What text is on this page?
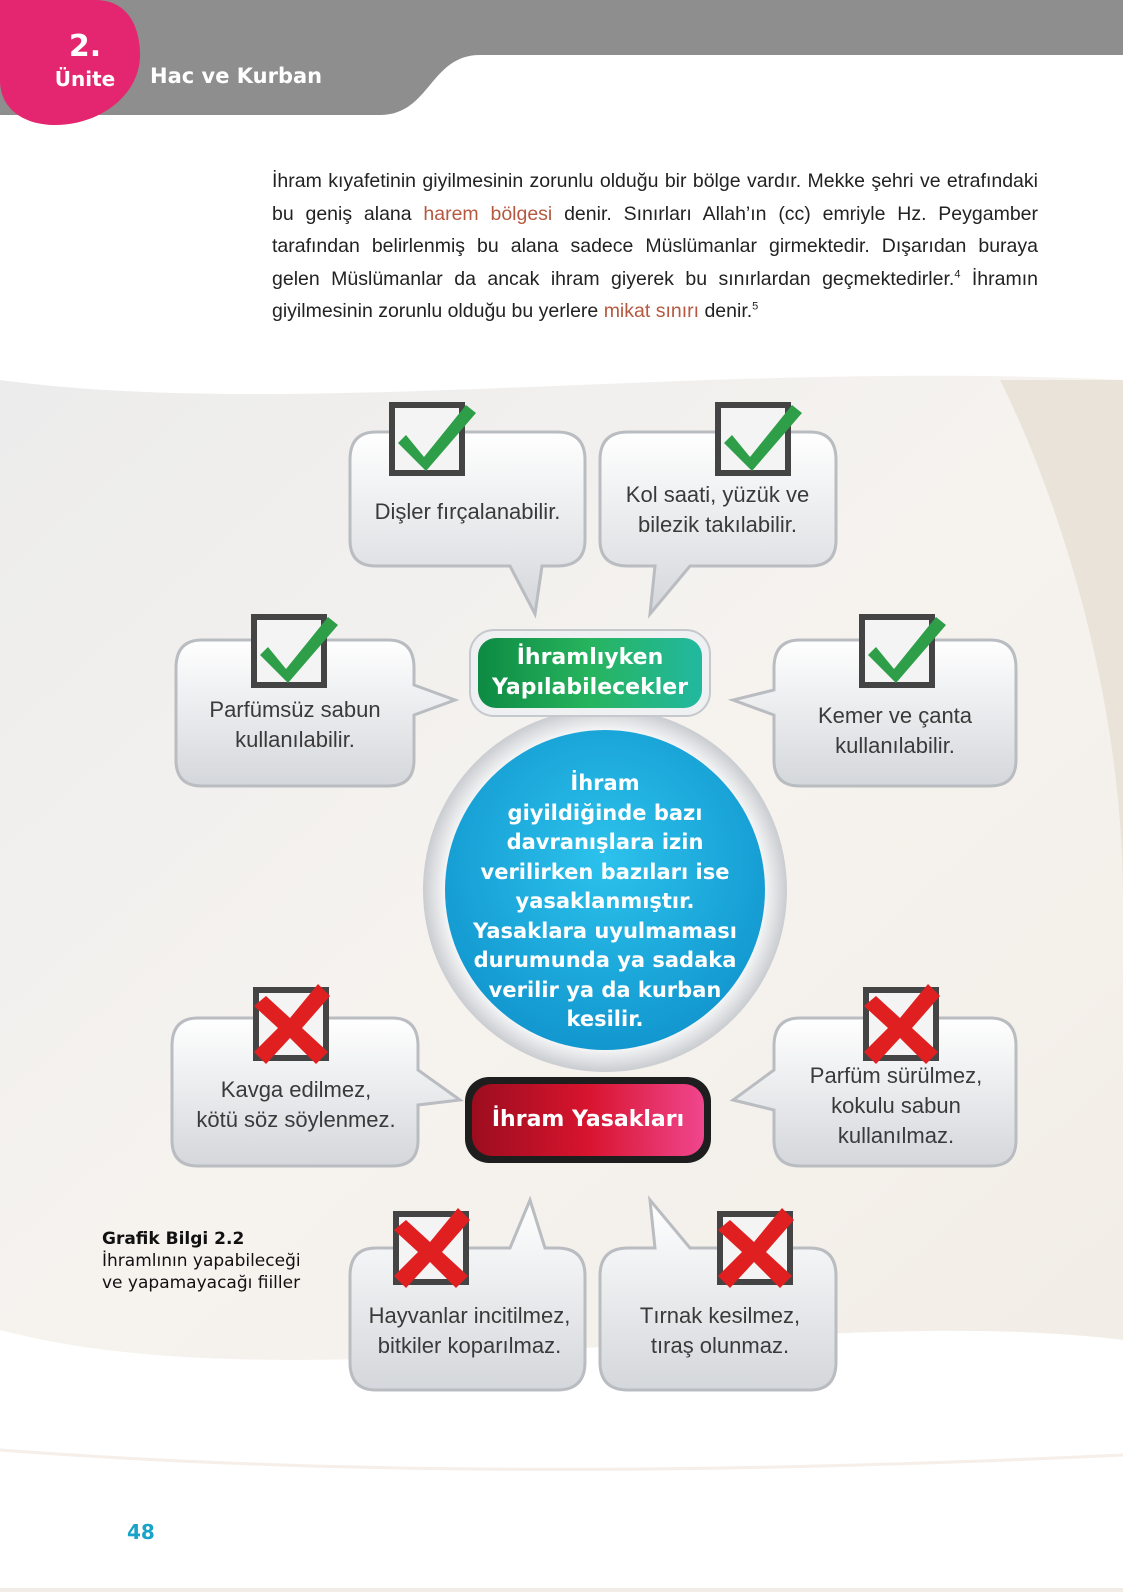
2.
Ünite	Hac ve Kurban
İhram kıyafetinin giyilmesinin zorunlu olduğu bir bölge vardır. Mekke şehri ve etrafındaki bu geniş alana harem bölgesi denir. Sınırları Allah’ın (cc) emriyle Hz. Peygamber tarafından belirlenmiş bu alana sadece Müslümanlar girmektedir. Dışarıdan buraya gelen Müslümanlar da ancak ihram giyerek bu sınırlardan geçmektedirler.$^4$ İhramın giyilmesinin zorunlu olduğu bu yerlere mikat sınırı denir.$^5$
Dişler fırçalanabilir.
Kol saati, yüzük ve
bilezik takılabilir.
Parfümsüz sabun
kullanılabilir.
Kemer ve çanta
kullanılabilir.
İhramlıyken
Yapılabilecekler
İhram
giyildiğinde bazı
davranışlara izin
verilirken bazıları ise
yasaklanmıştır.
Yasaklara uyulmaması
durumunda ya sadaka
verilir ya da kurban
kesilir.
İhram Yasakları
Kavga edilmez,
kötü söz söylenmez.
Parfüm sürülmez,
kokulu sabun
kullanılmaz.
Hayvanlar incitilmez,
bitkiler koparılmaz.
Tırnak kesilmez,
tıraş olunmaz.
Grafik Bilgi 2.2
İhramlının yapabileceği ve yapamayacağı fiiller
48
